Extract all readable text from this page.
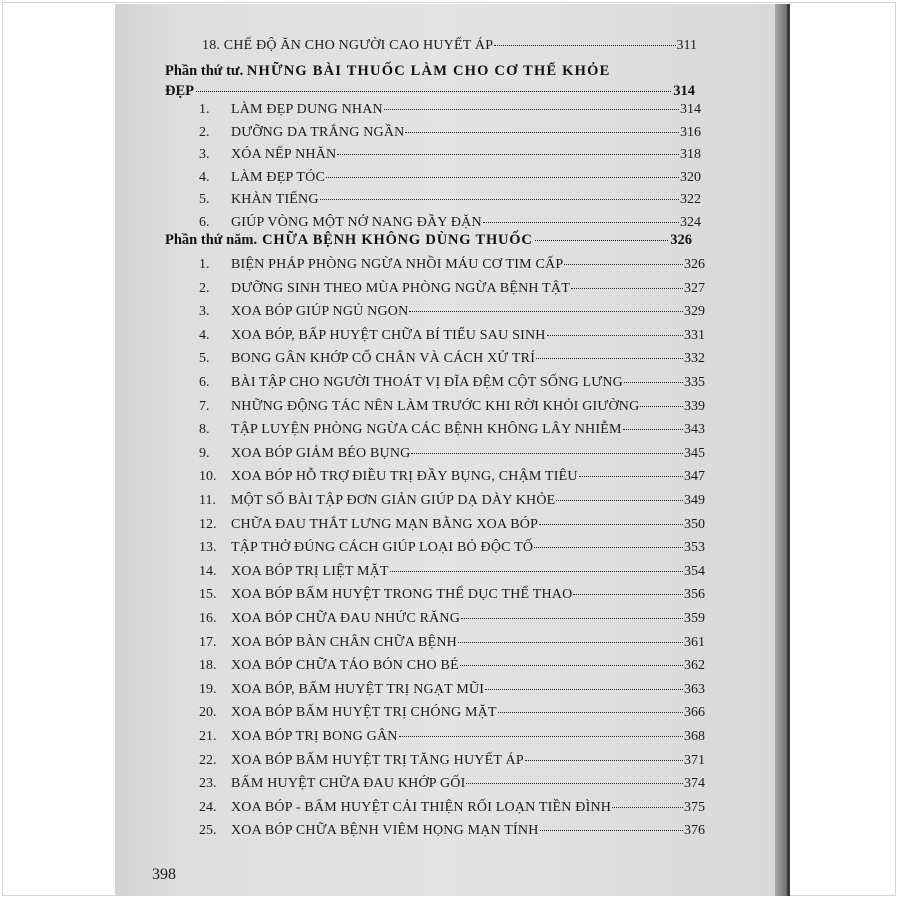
18. CHẾ ĐỘ ĂN CHO NGƯỜI CAO HUYẾT ÁP	311
Phần thứ tư. NHỮNG BÀI THUỐC LÀM CHO CƠ THỂ KHỎE
ĐẸP	314
1.	LÀM ĐẸP DUNG NHAN	314
2.	DƯỠNG DA TRẮNG NGẦN	316
3.	XÓA NẾP NHĂN	318
4.	LÀM ĐẸP TÓC	320
5.	KHÀN TIẾNG	322
6.	GIÚP VÒNG MỘT NỞ NANG ĐẦY ĐẶN	324
Phần thứ năm. CHỮA BỆNH KHÔNG DÙNG THUỐC	326
1.	BIỆN PHÁP PHÒNG NGỪA NHỒI MÁU CƠ TIM CẤP	326
2.	DƯỠNG SINH THEO MÙA PHÒNG NGỪA BỆNH TẬT	327
3.	XOA BÓP GIÚP NGỦ NGON	329
4.	XOA BÓP, BẤP HUYỆT CHỮA BÍ TIỂU SAU SINH	331
5.	BONG GÂN KHỚP CỔ CHÂN VÀ CÁCH XỬ TRÍ	332
6.	BÀI TẬP CHO NGƯỜI THOÁT VỊ ĐĨA ĐỆM CỘT SỐNG LƯNG	335
7.	NHỮNG ĐỘNG TÁC NÊN LÀM TRƯỚC KHI RỜI KHỎI GIƯỜNG	339
8.	TẬP LUYỆN PHÒNG NGỪA CÁC BỆNH KHÔNG LÂY NHIỄM	343
9.	XOA BÓP GIẢM BÉO BỤNG	345
10.	XOA BÓP HỖ TRỢ ĐIỀU TRỊ ĐẦY BỤNG, CHẬM TIÊU	347
11.	MỘT SỐ BÀI TẬP ĐƠN GIẢN GIÚP DẠ DÀY KHỎE	349
12.	CHỮA ĐAU THẮT LƯNG MẠN BẰNG XOA BÓP	350
13.	TẬP THỞ ĐÚNG CÁCH GIÚP LOẠI BỎ ĐỘC TỐ	353
14.	XOA BÓP TRỊ LIỆT MẶT	354
15.	XOA BÓP BẤM HUYỆT TRONG THỂ DỤC THỂ THAO	356
16.	XOA BÓP CHỮA ĐAU NHỨC RĂNG	359
17.	XOA BÓP BÀN CHÂN CHỮA BỆNH	361
18.	XOA BÓP CHỮA TÁO BÓN CHO BÉ	362
19.	XOA BÓP, BẤM HUYỆT TRỊ NGẠT MŨI	363
20.	XOA BÓP BẤM HUYỆT TRỊ CHÓNG MẶT	366
21.	XOA BÓP TRỊ BONG GÂN	368
22.	XOA BÓP BẤM HUYỆT TRỊ TĂNG HUYẾT ÁP	371
23.	BẤM HUYỆT CHỮA ĐAU KHỚP GỐI	374
24.	XOA BÓP - BẤM HUYỆT CẢI THIỆN RỐI LOẠN TIỀN ĐÌNH	375
25.	XOA BÓP CHỮA BỆNH VIÊM HỌNG MẠN TÍNH	376
398
